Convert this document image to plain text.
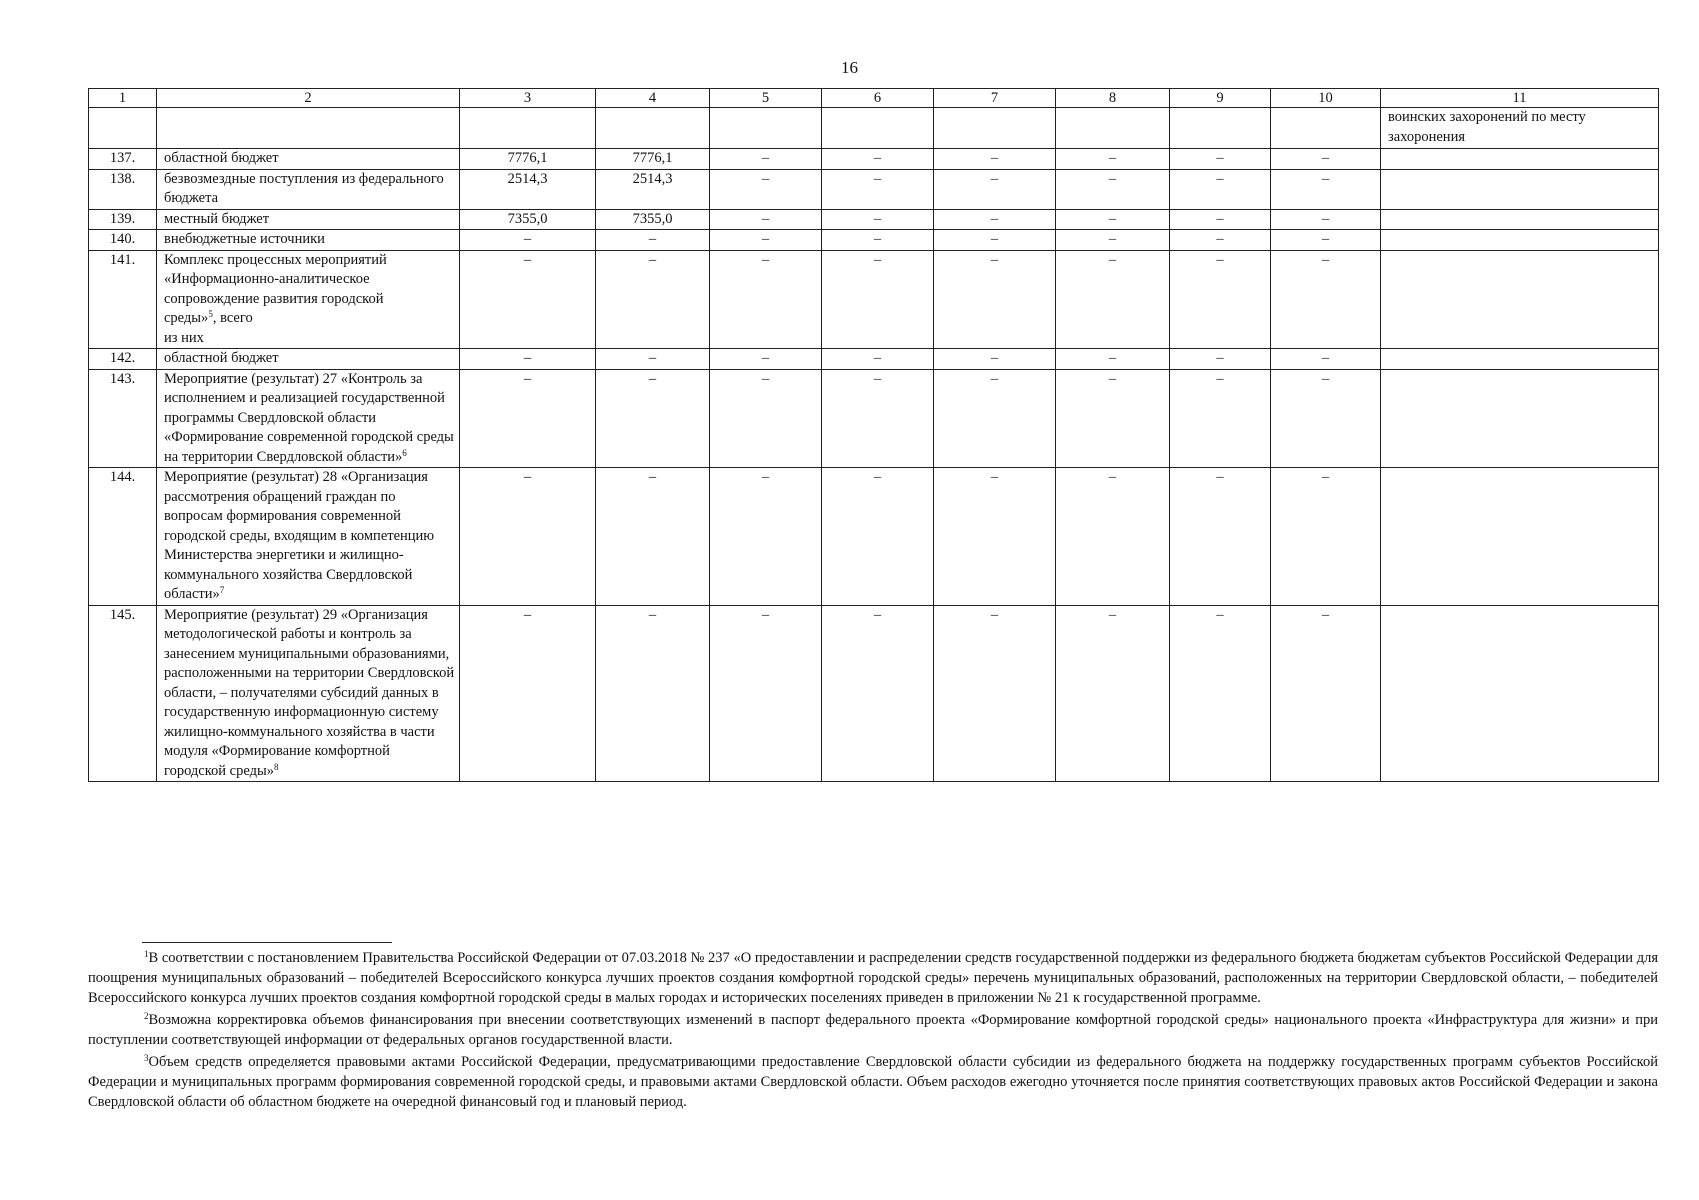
16
1	2	3	4	5	6	7	8	9	10	11
										воинских захоронений по месту захоронения
137.	областной бюджет	7776,1	7776,1	–	–	–	–	–	–	
138.	безвозмездные поступления из федерального бюджета	2514,3	2514,3	–	–	–	–	–	–	
139.	местный бюджет	7355,0	7355,0	–	–	–	–	–	–	
140.	внебюджетные источники	–	–	–	–	–	–	–	–	
141.	Комплекс процессных мероприятий
«Информационно-аналитическое
сопровождение развития городской
среды»$^5$, всего
из них	–	–	–	–	–	–	–	–	
142.	областной бюджет	–	–	–	–	–	–	–	–	
143.	Мероприятие (результат) 27 «Контроль за исполнением и реализацией государственной программы Свердловской области «Формирование современной городской среды на территории Свердловской области»$^6$	–	–	–	–	–	–	–	–	
144.	Мероприятие (результат) 28 «Организация рассмотрения обращений граждан по вопросам формирования современной городской среды, входящим в компетенцию Министерства энергетики и жилищно-коммунального хозяйства Свердловской области»$^7$	–	–	–	–	–	–	–	–	
145.	Мероприятие (результат) 29 «Организация методологической работы и контроль за занесением муниципальными образованиями, расположенными на территории Свердловской области, – получателями субсидий данных в государственную информационную систему жилищно-коммунального хозяйства в части модуля «Формирование комфортной городской среды»$^8$	–	–	–	–	–	–	–	–	

$^1$В соответствии с постановлением Правительства Российской Федерации от 07.03.2018 № 237 «О предоставлении и распределении средств государственной поддержки из федерального бюджета бюджетам субъектов Российской Федерации для поощрения муниципальных образований – победителей Всероссийского конкурса лучших проектов создания комфортной городской среды» перечень муниципальных образований, расположенных на территории Свердловской области, – победителей Всероссийского конкурса лучших проектов создания комфортной городской среды в малых городах и исторических поселениях приведен в приложении № 21 к государственной программе.

$^2$Возможна корректировка объемов финансирования при внесении соответствующих изменений в паспорт федерального проекта «Формирование комфортной городской среды» национального проекта «Инфраструктура для жизни» и при поступлении соответствующей информации от федеральных органов государственной власти.

$^3$Объем средств определяется правовыми актами Российской Федерации, предусматривающими предоставление Свердловской области субсидии из федерального бюджета на поддержку государственных программ субъектов Российской Федерации и муниципальных программ формирования современной городской среды, и правовыми актами Свердловской области. Объем расходов ежегодно уточняется после принятия соответствующих правовых актов Российской Федерации и закона Свердловской области об областном бюджете на очередной финансовый год и плановый период.
